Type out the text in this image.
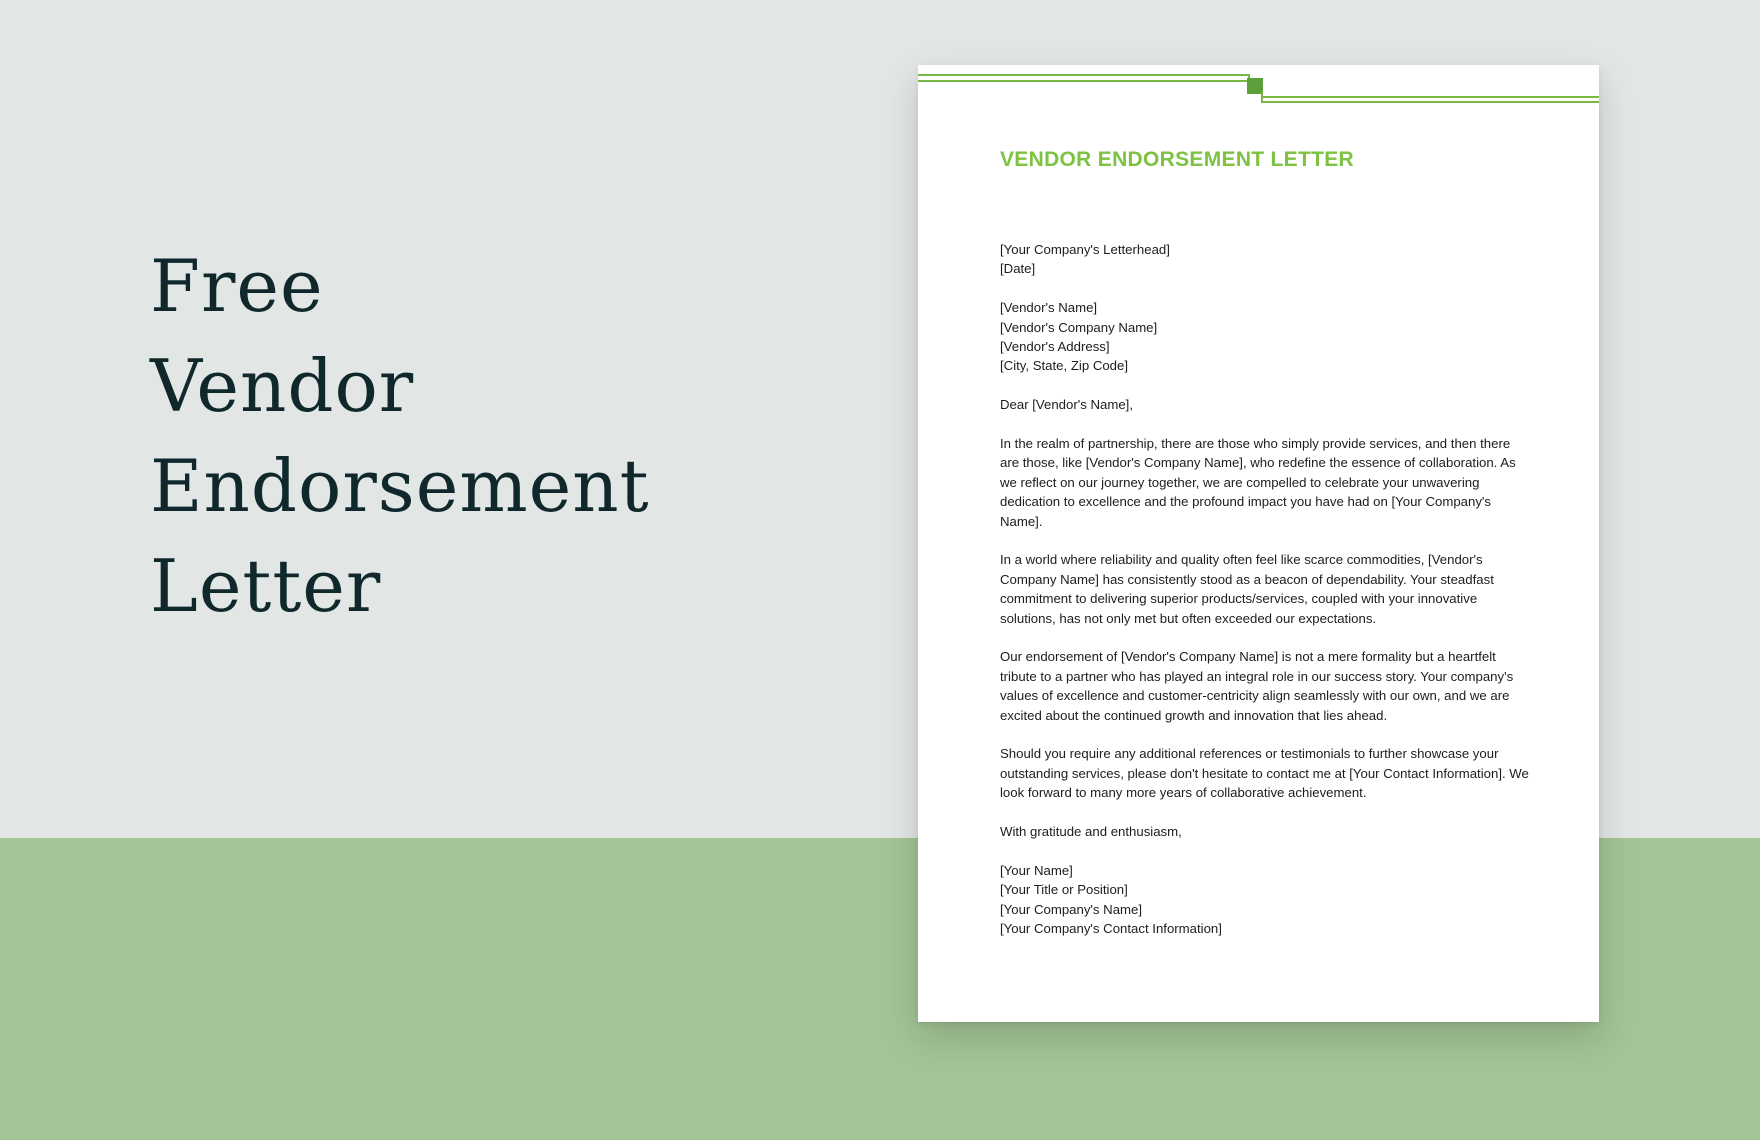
Free
Vendor
Endorsement
Letter
VENDOR ENDORSEMENT LETTER

[Your Company's Letterhead]
[Date]

[Vendor's Name]
[Vendor's Company Name]
[Vendor's Address]
[City, State, Zip Code]

Dear [Vendor's Name],

In the realm of partnership, there are those who simply provide services, and then there are those, like [Vendor's Company Name], who redefine the essence of collaboration. As we reflect on our journey together, we are compelled to celebrate your unwavering dedication to excellence and the profound impact you have had on [Your Company's Name].

In a world where reliability and quality often feel like scarce commodities, [Vendor's Company Name] has consistently stood as a beacon of dependability. Your steadfast commitment to delivering superior products/services, coupled with your innovative solutions, has not only met but often exceeded our expectations.

Our endorsement of [Vendor's Company Name] is not a mere formality but a heartfelt tribute to a partner who has played an integral role in our success story. Your company's values of excellence and customer-centricity align seamlessly with our own, and we are excited about the continued growth and innovation that lies ahead.

Should you require any additional references or testimonials to further showcase your outstanding services, please don't hesitate to contact me at [Your Contact Information]. We look forward to many more years of collaborative achievement.

With gratitude and enthusiasm,

[Your Name]
[Your Title or Position]
[Your Company's Name]
[Your Company's Contact Information]
